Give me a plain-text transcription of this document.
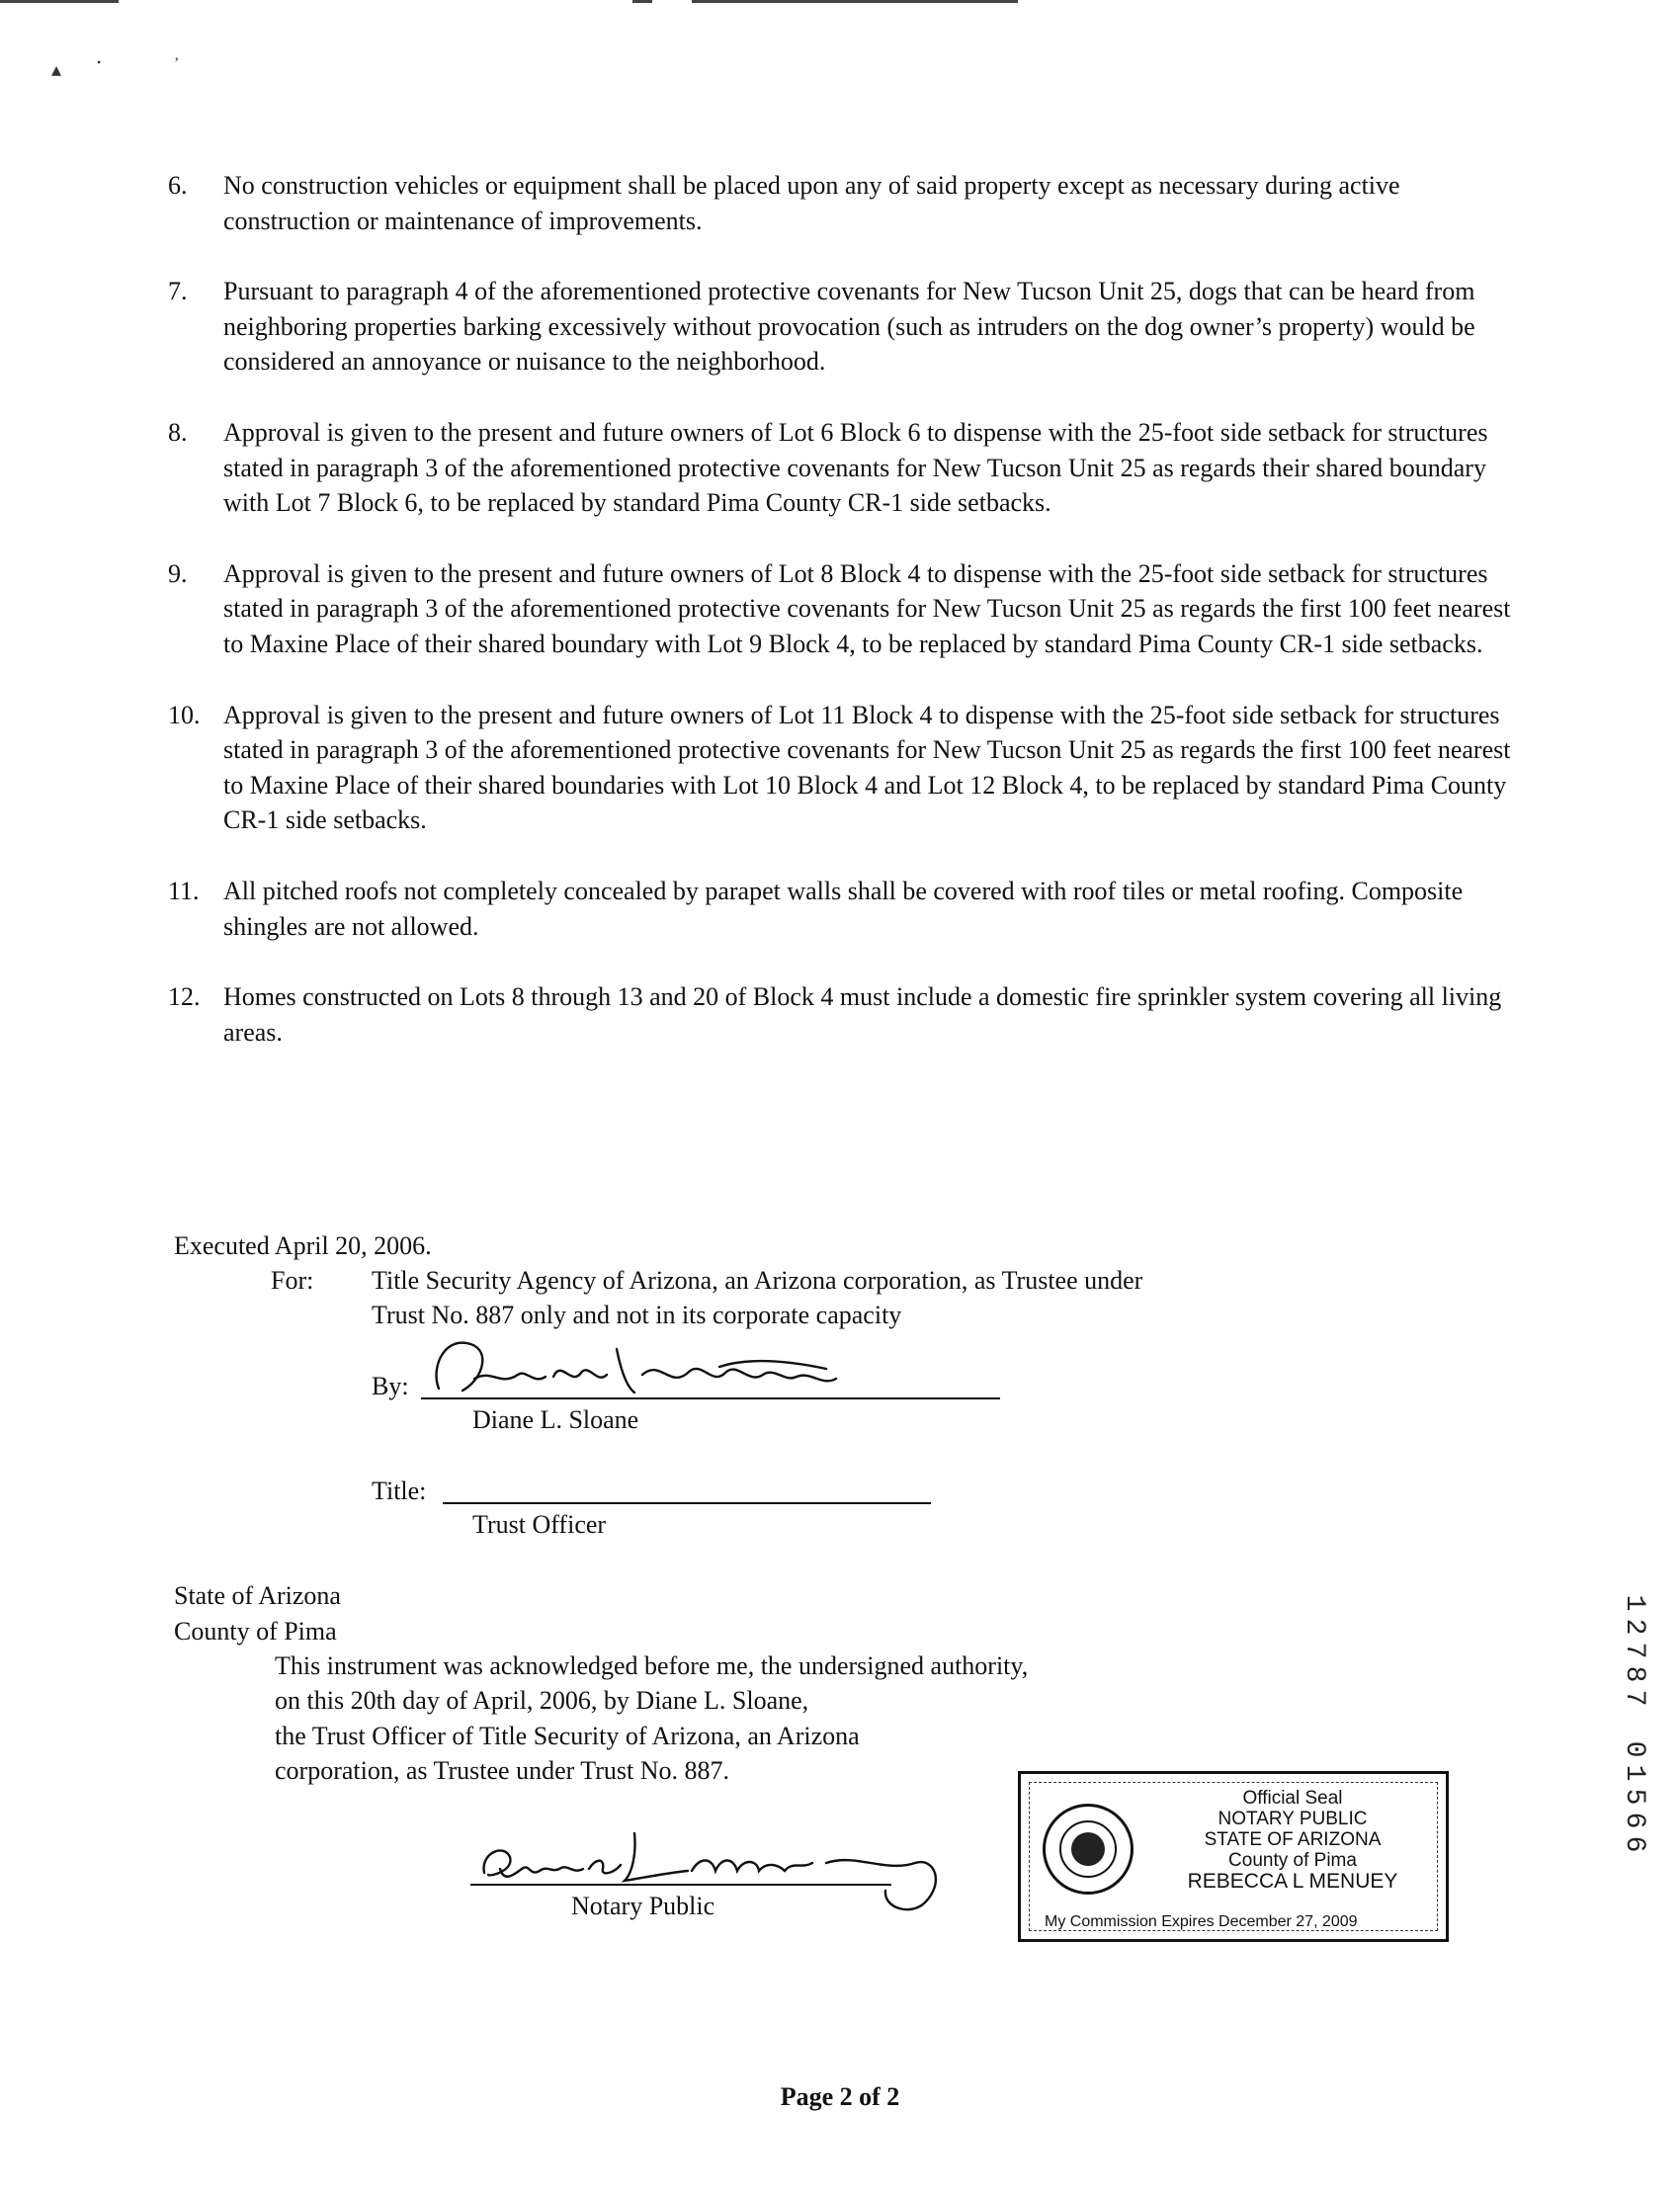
▴	•	ʼ
6. No construction vehicles or equipment shall be placed upon any of said property except as necessary during active construction or maintenance of improvements.
7. Pursuant to paragraph 4 of the aforementioned protective covenants for New Tucson Unit 25, dogs that can be heard from neighboring properties barking excessively without provocation (such as intruders on the dog owner’s property) would be considered an annoyance or nuisance to the neighborhood.
8. Approval is given to the present and future owners of Lot 6 Block 6 to dispense with the 25-foot side setback for structures stated in paragraph 3 of the aforementioned protective covenants for New Tucson Unit 25 as regards their shared boundary with Lot 7 Block 6, to be replaced by standard Pima County CR-1 side setbacks.
9. Approval is given to the present and future owners of Lot 8 Block 4 to dispense with the 25-foot side setback for structures stated in paragraph 3 of the aforementioned protective covenants for New Tucson Unit 25 as regards the first 100 feet nearest to Maxine Place of their shared boundary with Lot 9 Block 4, to be replaced by standard Pima County CR-1 side setbacks.
10. Approval is given to the present and future owners of Lot 11 Block 4 to dispense with the 25-foot side setback for structures stated in paragraph 3 of the aforementioned protective covenants for New Tucson Unit 25 as regards the first 100 feet nearest to Maxine Place of their shared boundaries with Lot 10 Block 4 and Lot 12 Block 4, to be replaced by standard Pima County CR-1 side setbacks.
11. All pitched roofs not completely concealed by parapet walls shall be covered with roof tiles or metal roofing. Composite shingles are not allowed.
12. Homes constructed on Lots 8 through 13 and 20 of Block 4 must include a domestic fire sprinkler system covering all living areas.
Executed April 20, 2006.
For: Title Security Agency of Arizona, an Arizona corporation, as Trustee under
Trust No. 887 only and not in its corporate capacity
By:
Diane L. Sloane
Title:
Trust Officer
State of Arizona
County of Pima
This instrument was acknowledged before me, the undersigned authority,
on this 20th day of April, 2006, by Diane L. Sloane,
the Trust Officer of Title Security of Arizona, an Arizona
corporation, as Trustee under Trust No. 887.
Notary Public
Official Seal
NOTARY PUBLIC
STATE OF ARIZONA
County of Pima
REBECCA L MENUEY
My Commission Expires December 27, 2009
1
2
7
8
7
0
1
5
6
6
Page 2 of 2
